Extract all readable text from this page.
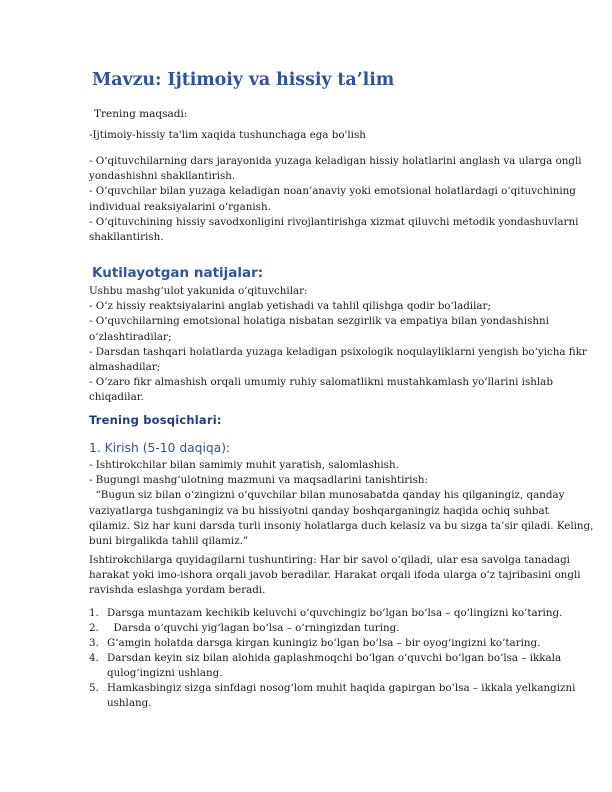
Mavzu: Ijtimoiy va hissiy ta’lim
Trening maqsadi:
-Ijtimoiy-hissiy ta'lim xaqida tushunchaga ega bo'lish
- O‘qituvchilarning dars jarayonida yuzaga keladigan hissiy holatlarini anglash va ularga ongli
yondashishni shakllantirish.
- O‘quvchilar bilan yuzaga keladigan noan’anaviy yoki emotsional holatlardagi o‘qituvchining
individual reaksiyalarini o‘rganish.
- O‘qituvchining hissiy savodxonligini rivojlantirishga xizmat qiluvchi metodik yondashuvlarni
shakllantirish.
Kutilayotgan natijalar:
Ushbu mashg‘ulot yakunida o‘qituvchilar:
- O‘z hissiy reaktsiyalarini anglab yetishadi va tahlil qilishga qodir bo‘ladilar;
- O‘quvchilarning emotsional holatiga nisbatan sezgirlik va empatiya bilan yondashishni
o‘zlashtiradilar;
- Darsdan tashqari holatlarda yuzaga keladigan psixologik noqulayliklarni yengish bo‘yicha fikr
almashadilar;
- O‘zaro fikr almashish orqali umumiy ruhiy salomatlikni mustahkamlash yo‘llarini ishlab
chiqadilar.
Trening bosqichlari:
1. Kirish (5-10 daqiqa):
- Ishtirokchilar bilan samimiy muhit yaratish, salomlashish.
- Bugungi mashg‘ulotning mazmuni va maqsadlarini tanishtirish:
“Bugun siz bilan o‘zingizni o‘quvchilar bilan munosabatda qanday his qilganingiz, qanday
vaziyatlarga tushganingiz va bu hissiyotni qanday boshqarganingiz haqida ochiq suhbat
qilamiz. Siz har kuni darsda turli insoniy holatlarga duch kelasiz va bu sizga ta’sir qiladi. Keling,
buni birgalikda tahlil qilamiz.”
Ishtirokchilarga quyidagilarni tushuntiring: Har bir savol o‘qiladi, ular esa savolga tanadagi
harakat yoki imo-ishora orqali javob beradilar. Harakat orqali ifoda ularga o‘z tajribasini ongli
ravishda eslashga yordam beradi.
1. Darsga muntazam kechikib keluvchi o‘quvchingiz bo‘lgan bo‘lsa – qo‘lingizni ko‘taring.
2. Darsda o‘quvchi yig‘lagan bo‘lsa – o‘rningizdan turing.
3. G‘amgin holatda darsga kirgan kuningiz bo‘lgan bo‘lsa – bir oyog‘ingizni ko‘taring.
4. Darsdan keyin siz bilan alohida gaplashmoqchi bo‘lgan o‘quvchi bo‘lgan bo‘lsa – ikkala
qulog‘ingizni ushlang.
5. Hamkasbingiz sizga sinfdagi nosog‘lom muhit haqida gapirgan bo‘lsa – ikkala yelkangizni
ushlang.
